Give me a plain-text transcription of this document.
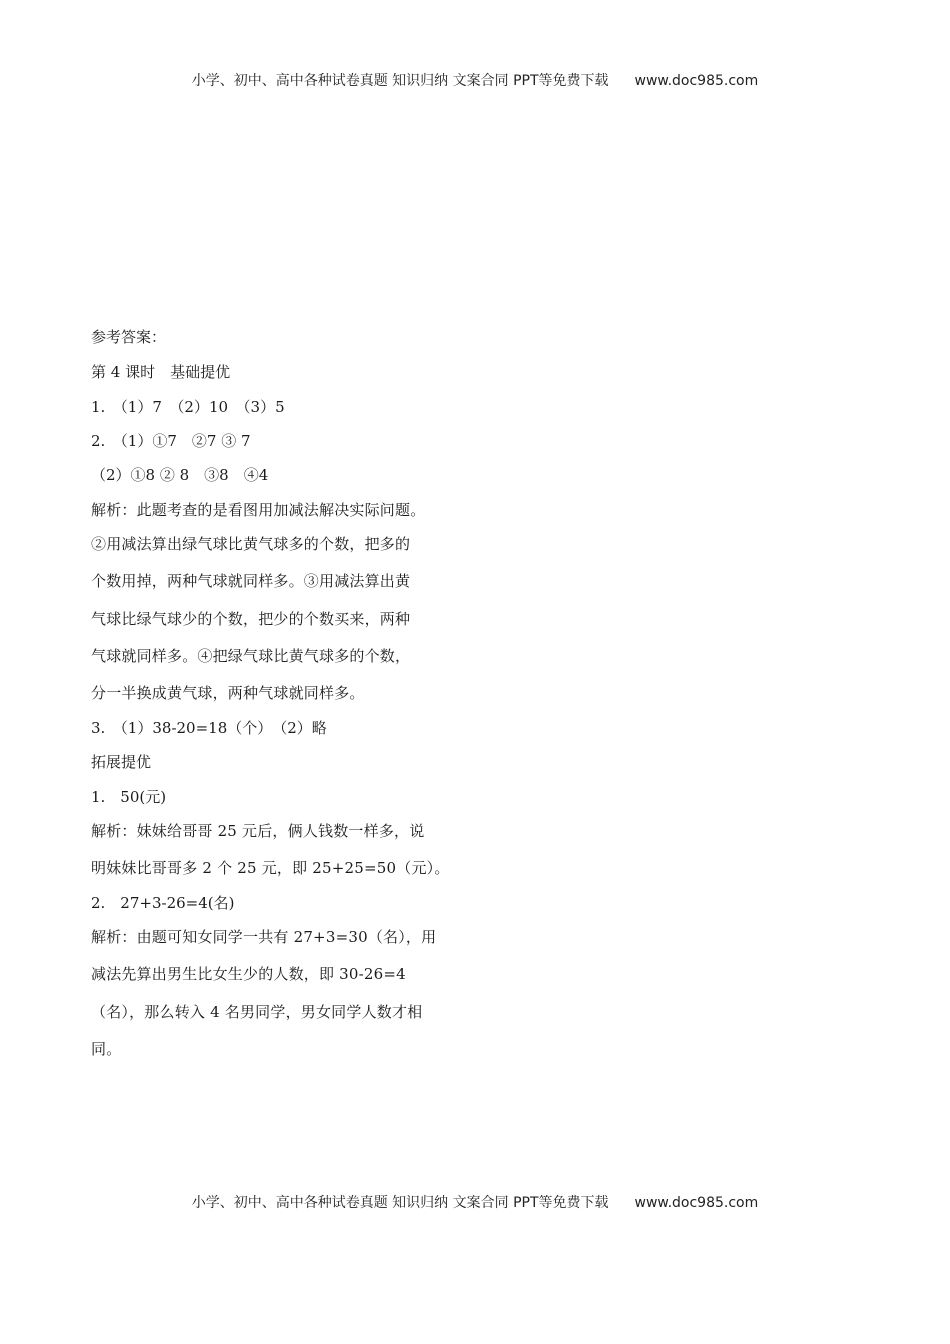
小学、初中、高中各种试卷真题 知识归纳 文案合同 PPT等免费下载 www.doc985.com
参考答案：
第 4 课时　基础提优
1.　（1）7　（2）10　（3）5
2.　（1）①7　②7 ③ 7
（2）①8 ② 8　③8　④4
解析：此题考查的是看图用加减法解决实际问题。
②用减法算出绿气球比黄气球多的个数，把多的
个数用掉，两种气球就同样多。③用减法算出黄
气球比绿气球少的个数，把少的个数买来，两种
气球就同样多。④把绿气球比黄气球多的个数，
分一半换成黄气球，两种气球就同样多。
3.　（1）38-20=18（个）　（2）略
拓展提优
1.　50(元)
解析：妹妹给哥哥 25 元后，俩人钱数一样多，说
明妹妹比哥哥多 2 个 25 元，即 25+25=50（元）。
2.　27+3-26=4(名)
解析：由题可知女同学一共有 27+3=30（名），用
减法先算出男生比女生少的人数，即 30-26=4
（名），那么转入 4 名男同学，男女同学人数才相
同。
小学、初中、高中各种试卷真题 知识归纳 文案合同 PPT等免费下载 www.doc985.com
